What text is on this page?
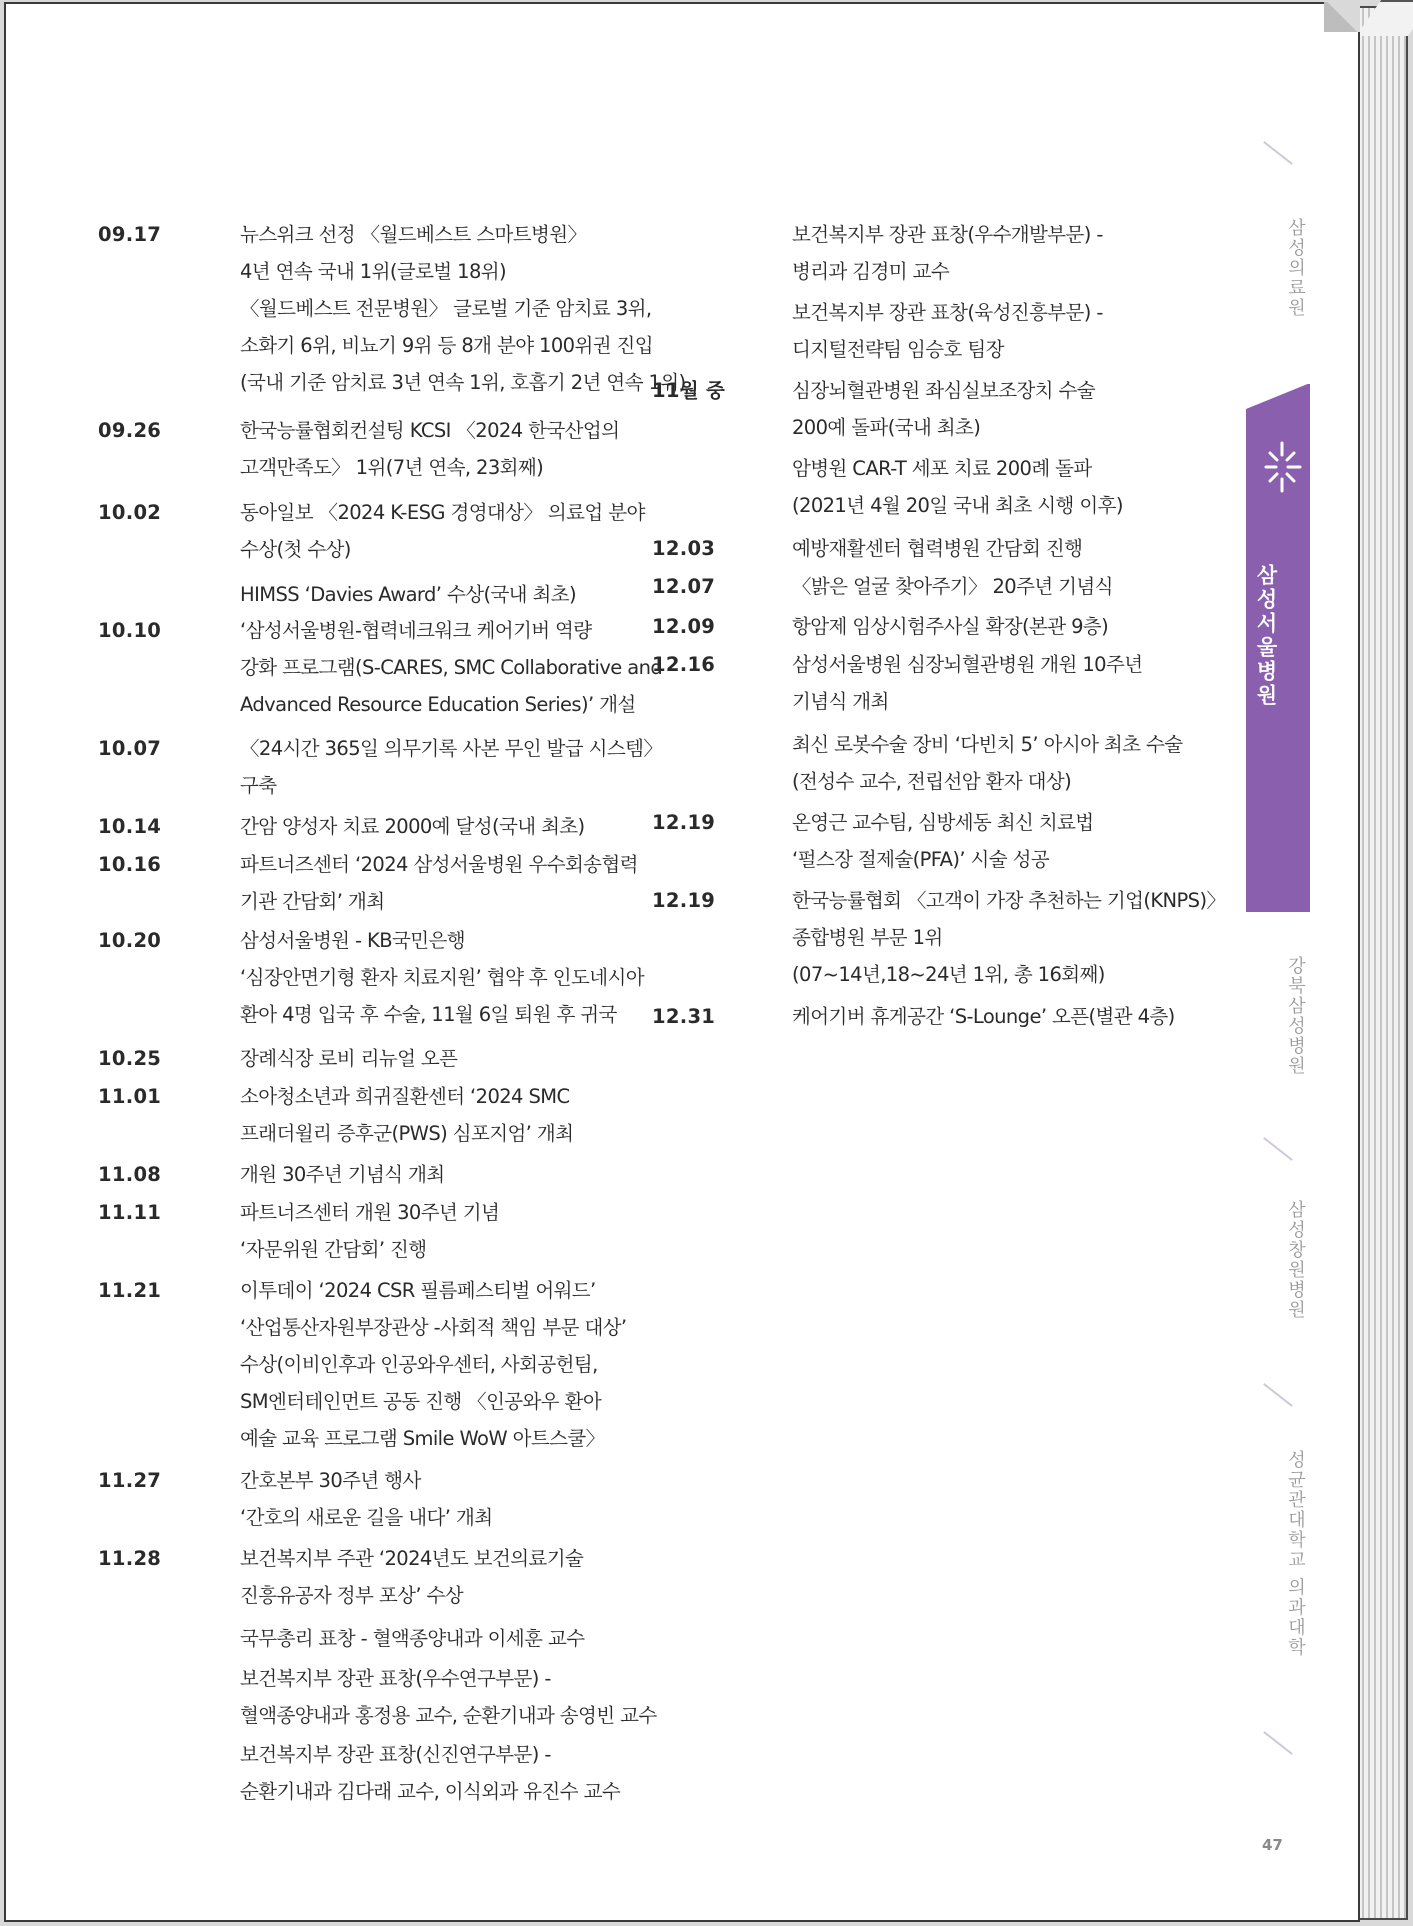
09.17	뉴스위크 선정 〈월드베스트 스마트병원〉
4년 연속 국내 1위(글로벌 18위)
〈월드베스트 전문병원〉 글로벌 기준 암치료 3위,
소화기 6위, 비뇨기 9위 등 8개 분야 100위권 진입
(국내 기준 암치료 3년 연속 1위, 호흡기 2년 연속 1위)
09.26	한국능률협회컨설팅 KCSI 〈2024 한국산업의
고객만족도〉 1위(7년 연속, 23회째)
10.02	동아일보 〈2024 K-ESG 경영대상〉 의료업 분야
수상(첫 수상)
HIMSS ‘Davies Award’ 수상(국내 최초)
10.10	‘삼성서울병원-협력네크워크 케어기버 역량
강화 프로그램(S-CARES, SMC Collaborative and
Advanced Resource Education Series)’ 개설
10.07	〈24시간 365일 의무기록 사본 무인 발급 시스템〉
구축
10.14	간암 양성자 치료 2000예 달성(국내 최초)
10.16	파트너즈센터 ‘2024 삼성서울병원 우수회송협력
기관 간담회’ 개최
10.20	삼성서울병원 - KB국민은행
‘심장안면기형 환자 치료지원’ 협약 후 인도네시아
환아 4명 입국 후 수술, 11월 6일 퇴원 후 귀국
10.25	장례식장 로비 리뉴얼 오픈
11.01	소아청소년과 희귀질환센터 ‘2024 SMC
프래더윌리 증후군(PWS) 심포지엄’ 개최
11.08	개원 30주년 기념식 개최
11.11	파트너즈센터 개원 30주년 기념
‘자문위원 간담회’ 진행
11.21	이투데이 ‘2024 CSR 필름페스티벌 어워드’
‘산업통산자원부장관상 -사회적 책임 부문 대상’
수상(이비인후과 인공와우센터, 사회공헌팀,
SM엔터테인먼트 공동 진행 〈인공와우 환아
예술 교육 프로그램 Smile WoW 아트스쿨〉
11.27	간호본부 30주년 행사
‘간호의 새로운 길을 내다’ 개최
11.28	보건복지부 주관 ‘2024년도 보건의료기술
진흥유공자 정부 포상’ 수상
국무총리 표창 - 혈액종양내과 이세훈 교수
보건복지부 장관 표창(우수연구부문) -
혈액종양내과 홍정용 교수, 순환기내과 송영빈 교수
보건복지부 장관 표창(신진연구부문) -
순환기내과 김다래 교수, 이식외과 유진수 교수
보건복지부 장관 표창(우수개발부문) -
병리과 김경미 교수
보건복지부 장관 표창(육성진흥부문) -
디지털전략팀 임승호 팀장
11월 중	심장뇌혈관병원 좌심실보조장치 수술
200예 돌파(국내 최초)
암병원 CAR-T 세포 치료 200례 돌파
(2021년 4월 20일 국내 최초 시행 이후)
12.03	예방재활센터 협력병원 간담회 진행
12.07	〈밝은 얼굴 찾아주기〉 20주년 기념식
12.09	항암제 임상시험주사실 확장(본관 9층)
12.16	삼성서울병원 심장뇌혈관병원 개원 10주년
기념식 개최
최신 로봇수술 장비 ‘다빈치 5’ 아시아 최초 수술
(전성수 교수, 전립선암 환자 대상)
12.19	온영근 교수팀, 심방세동 최신 치료법
‘펄스장 절제술(PFA)’ 시술 성공
12.19	한국능률협회 〈고객이 가장 추천하는 기업(KNPS)〉
종합병원 부문 1위
(07~14년,18~24년 1위, 총 16회째)
12.31	케어기버 휴게공간 ‘S-Lounge’ 오픈(별관 4층)
삼성의료원
강북삼성병원
삼성창원병원
성균관대학교 의과대학
삼성서울병원
47
